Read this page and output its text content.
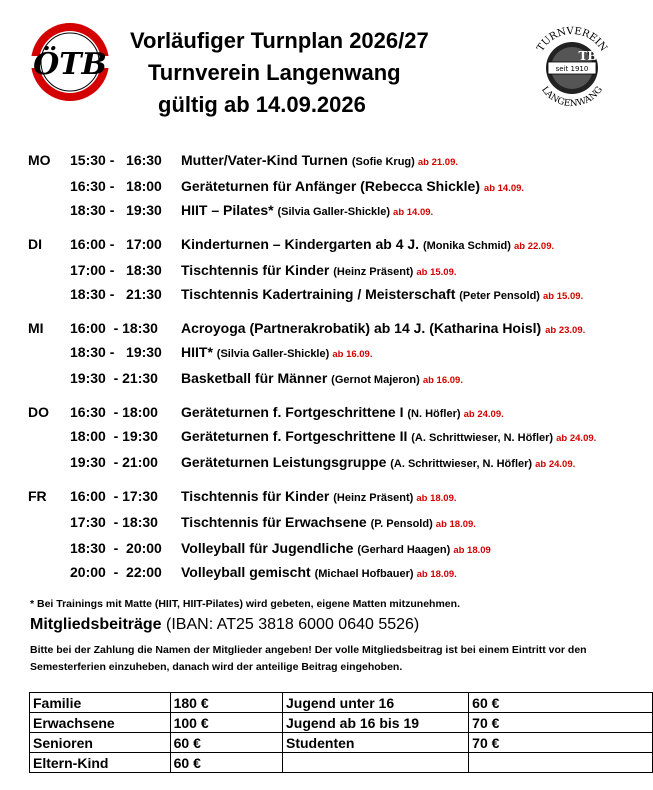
ÖTB	seit 1910
TB
TURNVEREIN
LANGENWANG
Vorläufiger Turnplan 2026/27
Turnverein Langenwang
gültig ab 14.09.2026
MO 15:30 -   16:30 Mutter/Vater-Kind Turnen (Sofie Krug) ab 21.09.
16:30 -   18:00 Geräteturnen für Anfänger (Rebecca Shickle) ab 14.09.
18:30 -   19:30 HIIT – Pilates* (Silvia Galler-Shickle) ab 14.09.
DI 16:00 -   17:00 Kinderturnen – Kindergarten ab 4 J. (Monika Schmid) ab 22.09.
17:00 -   18:30 Tischtennis für Kinder (Heinz Präsent) ab 15.09.
18:30 -   21:30 Tischtennis Kadertraining / Meisterschaft (Peter Pensold) ab 15.09.
MI 16:00  - 18:30 Acroyoga (Partnerakrobatik) ab 14 J. (Katharina Hoisl) ab 23.09.
18:30 -   19:30 HIIT* (Silvia Galler-Shickle) ab 16.09.
19:30  - 21:30 Basketball für Männer (Gernot Majeron) ab 16.09.
DO 16:30  - 18:00 Geräteturnen f. Fortgeschrittene I (N. Höfler) ab 24.09.
18:00  - 19:30 Geräteturnen f. Fortgeschrittene II (A. Schrittwieser, N. Höfler) ab 24.09.
19:30  - 21:00 Geräteturnen Leistungsgruppe (A. Schrittwieser, N. Höfler) ab 24.09.
FR 16:00  - 17:30 Tischtennis für Kinder (Heinz Präsent) ab 18.09.
17:30  - 18:30 Tischtennis für Erwachsene (P. Pensold) ab 18.09.
18:30  -  20:00 Volleyball für Jugendliche (Gerhard Haagen) ab 18.09
20:00  -  22:00 Volleyball gemischt (Michael Hofbauer) ab 18.09.
* Bei Trainings mit Matte (HIIT, HIIT-Pilates) wird gebeten, eigene Matten mitzunehmen.
Mitgliedsbeiträge (IBAN: AT25 3818 6000 0640 5526)
Bitte bei der Zahlung die Namen der Mitglieder angeben! Der volle Mitgliedsbeitrag ist bei einem Eintritt vor den Semesterferien einzuheben, danach wird der anteilige Beitrag eingehoben.
Familie	180 €	Jugend unter 16	60 €
Erwachsene	100 €	Jugend ab 16 bis 19	70 €
Senioren	60 €	Studenten	70 €
Eltern-Kind	60 €		
